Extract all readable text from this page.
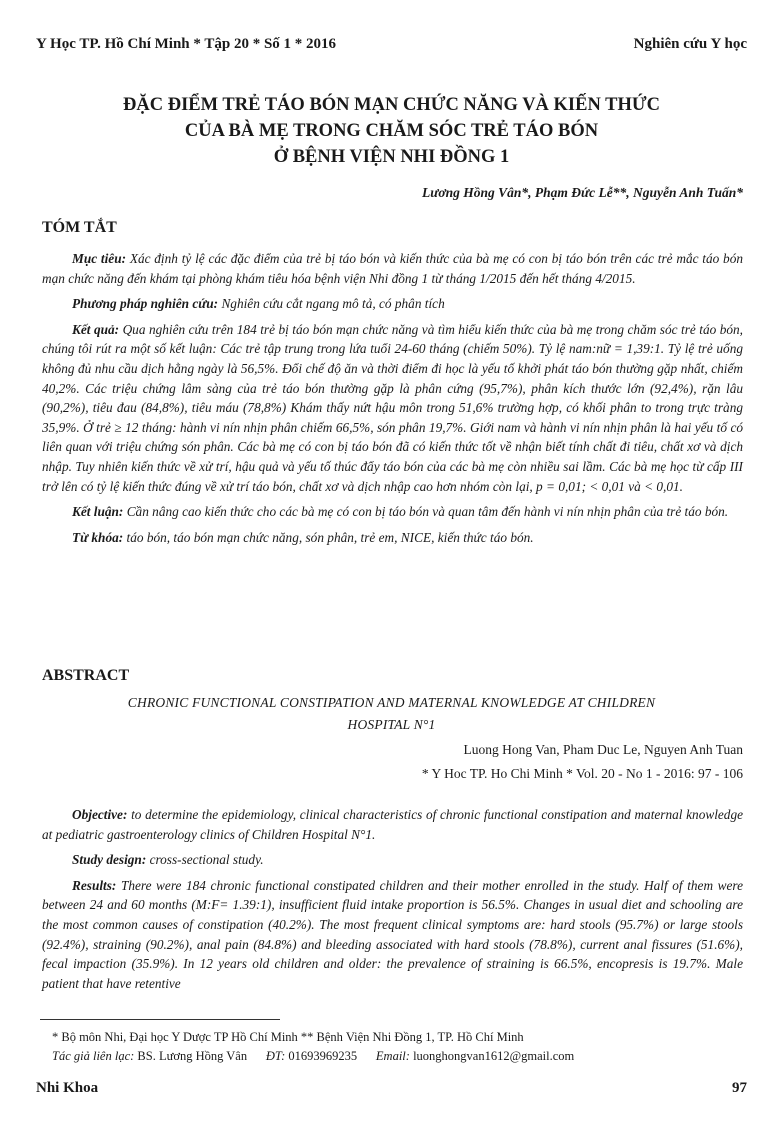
Y Học TP. Hồ Chí Minh * Tập 20 * Số 1 * 2016	Nghiên cứu Y học
ĐẶC ĐIỂM TRẺ TÁO BÓN MẠN CHỨC NĂNG VÀ KIẾN THỨC
CỦA BÀ MẸ TRONG CHĂM SÓC TRẺ TÁO BÓN
Ở BỆNH VIỆN NHI ĐỒNG 1
Lương Hồng Vân*, Phạm Đức Lễ**, Nguyễn Anh Tuấn*
TÓM TẮT

Mục tiêu: Xác định tỷ lệ các đặc điểm của trẻ bị táo bón và kiến thức của bà mẹ có con bị táo bón trên các trẻ mắc táo bón mạn chức năng đến khám tại phòng khám tiêu hóa bệnh viện Nhi đồng 1 từ tháng 1/2015 đến hết tháng 4/2015.

Phương pháp nghiên cứu: Nghiên cứu cắt ngang mô tả, có phân tích

Kết quả: Qua nghiên cứu trên 184 trẻ bị táo bón mạn chức năng và tìm hiểu kiến thức của bà mẹ trong chăm sóc trẻ táo bón, chúng tôi rút ra một số kết luận: Các trẻ tập trung trong lứa tuổi 24-60 tháng (chiếm 50%). Tỷ lệ nam:nữ = 1,39:1. Tỷ lệ trẻ uống không đủ nhu cầu dịch hằng ngày là 56,5%. Đổi chế độ ăn và thời điểm đi học là yếu tố khởi phát táo bón thường gặp nhất, chiếm 40,2%. Các triệu chứng lâm sàng của trẻ táo bón thường gặp là phân cứng (95,7%), phân kích thước lớn (92,4%), rặn lâu (90,2%), tiêu đau (84,8%), tiêu máu (78,8%) Khám thấy nứt hậu môn trong 51,6% trường hợp, có khối phân to trong trực tràng 35,9%. Ở trẻ ≥ 12 tháng: hành vi nín nhịn phân chiếm 66,5%, són phân 19,7%. Giới nam và hành vi nín nhịn phân là hai yếu tố có liên quan với triệu chứng són phân. Các bà mẹ có con bị táo bón đã có kiến thức tốt về nhận biết tính chất đi tiêu, chất xơ và dịch nhập. Tuy nhiên kiến thức về xử trí, hậu quả và yếu tố thúc đẩy táo bón của các bà mẹ còn nhiều sai lầm. Các bà mẹ học từ cấp III trở lên có tỷ lệ kiến thức đúng về xử trí táo bón, chất xơ và dịch nhập cao hơn nhóm còn lại, p = 0,01; < 0,01 và < 0,01.

Kết luận: Cần nâng cao kiến thức cho các bà mẹ có con bị táo bón và quan tâm đến hành vi nín nhịn phân của trẻ táo bón.

Từ khóa: táo bón, táo bón mạn chức năng, són phân, trẻ em, NICE, kiến thức táo bón.

ABSTRACT
CHRONIC FUNCTIONAL CONSTIPATION AND MATERNAL KNOWLEDGE AT CHILDREN
HOSPITAL N°1
Luong Hong Van, Pham Duc Le, Nguyen Anh Tuan
* Y Hoc TP. Ho Chi Minh * Vol. 20 - No 1 - 2016: 97 - 106

Objective: to determine the epidemiology, clinical characteristics of chronic functional constipation and maternal knowledge at pediatric gastroenterology clinics of Children Hospital N°1.

Study design: cross-sectional study.

Results: There were 184 chronic functional constipated children and their mother enrolled in the study. Half of them were between 24 and 60 months (M:F= 1.39:1), insufficient fluid intake proportion is 56.5%. Changes in usual diet and schooling are the most common causes of constipation (40.2%). The most frequent clinical symptoms are: hard stools (95.7%) or large stools (92.4%), straining (90.2%), anal pain (84.8%) and bleeding associated with hard stools (78.8%), current anal fissures (51.6%), fecal impaction (35.9%). In 12 years old children and older: the prevalence of straining is 66.5%, encopresis is 19.7%. Male patient that have retentive

* Bộ môn Nhi, Đại học Y Dược TP Hồ Chí Minh ** Bệnh Viện Nhi Đồng 1, TP. Hồ Chí Minh
Tác giả liên lạc: BS. Lương Hồng Vân ĐT: 01693969235 Email: luonghongvan1612@gmail.com
Nhi Khoa	97
